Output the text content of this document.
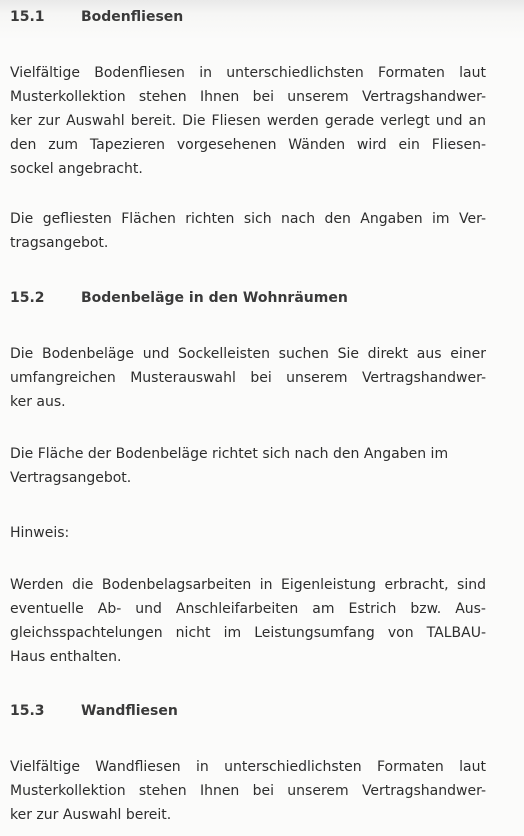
15.1	Bodenfliesen
Vielfältige Bodenfliesen in unterschiedlichsten Formaten laut
Musterkollektion stehen Ihnen bei unserem Vertragshandwer-
ker zur Auswahl bereit. Die Fliesen werden gerade verlegt und an
den zum Tapezieren vorgesehenen Wänden wird ein Fliesen-
sockel angebracht.
Die gefliesten Flächen richten sich nach den Angaben im Ver-
tragsangebot.
15.2	Bodenbeläge in den Wohnräumen
Die Bodenbeläge und Sockelleisten suchen Sie direkt aus einer
umfangreichen Musterauswahl bei unserem Vertragshandwer-
ker aus.
Die Fläche der Bodenbeläge richtet sich nach den Angaben im
Vertragsangebot.
Hinweis:
Werden die Bodenbelagsarbeiten in Eigenleistung erbracht, sind
eventuelle Ab- und Anschleifarbeiten am Estrich bzw. Aus-
gleichsspachtelungen nicht im Leistungsumfang von TALBAU-
Haus enthalten.
15.3	Wandfliesen
Vielfältige Wandfliesen in unterschiedlichsten Formaten laut
Musterkollektion stehen Ihnen bei unserem Vertragshandwer-
ker zur Auswahl bereit.
